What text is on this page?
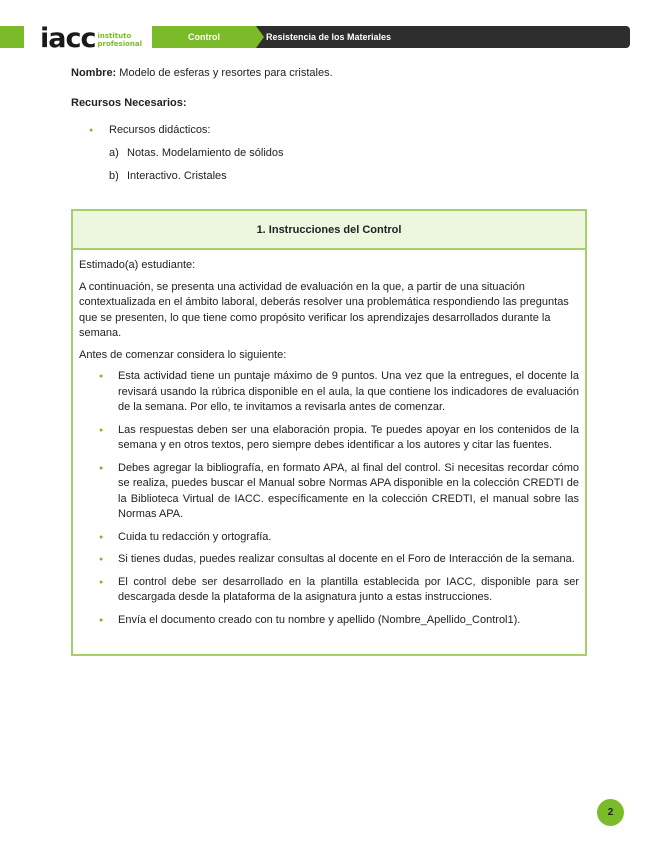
iacc instituto
profesional
Control	Resistencia de los Materiales

Nombre: Modelo de esferas y resortes para cristales.

Recursos Necesarios:

● Recursos didácticos:
a) Notas. Modelamiento de sólidos
b) Interactivo. Cristales
1. Instrucciones del Control

Estimado(a) estudiante:

A continuación, se presenta una actividad de evaluación en la que, a partir de una situación contextualizada en el ámbito laboral, deberás resolver una problemática respondiendo las preguntas que se presenten, lo que tiene como propósito verificar los aprendizajes desarrollados durante la semana.

Antes de comenzar considera lo siguiente:

● Esta actividad tiene un puntaje máximo de 9 puntos. Una vez que la entregues, el docente la revisará usando la rúbrica disponible en el aula, la que contiene los indicadores de evaluación de la semana. Por ello, te invitamos a revisarla antes de comenzar.
● Las respuestas deben ser una elaboración propia. Te puedes apoyar en los contenidos de la semana y en otros textos, pero siempre debes identificar a los autores y citar las fuentes.
● Debes agregar la bibliografía, en formato APA, al final del control. Si necesitas recordar cómo se realiza, puedes buscar el Manual sobre Normas APA disponible en la colección CREDTI de la Biblioteca Virtual de IACC. específicamente en la colección CREDTI, el manual sobre las Normas APA.
● Cuida tu redacción y ortografía.
● Si tienes dudas, puedes realizar consultas al docente en el Foro de Interacción de la semana.
● El control debe ser desarrollado en la plantilla establecida por IACC, disponible para ser descargada desde la plataforma de la asignatura junto a estas instrucciones.
● Envía el documento creado con tu nombre y apellido (Nombre_Apellido_Control1).
2
